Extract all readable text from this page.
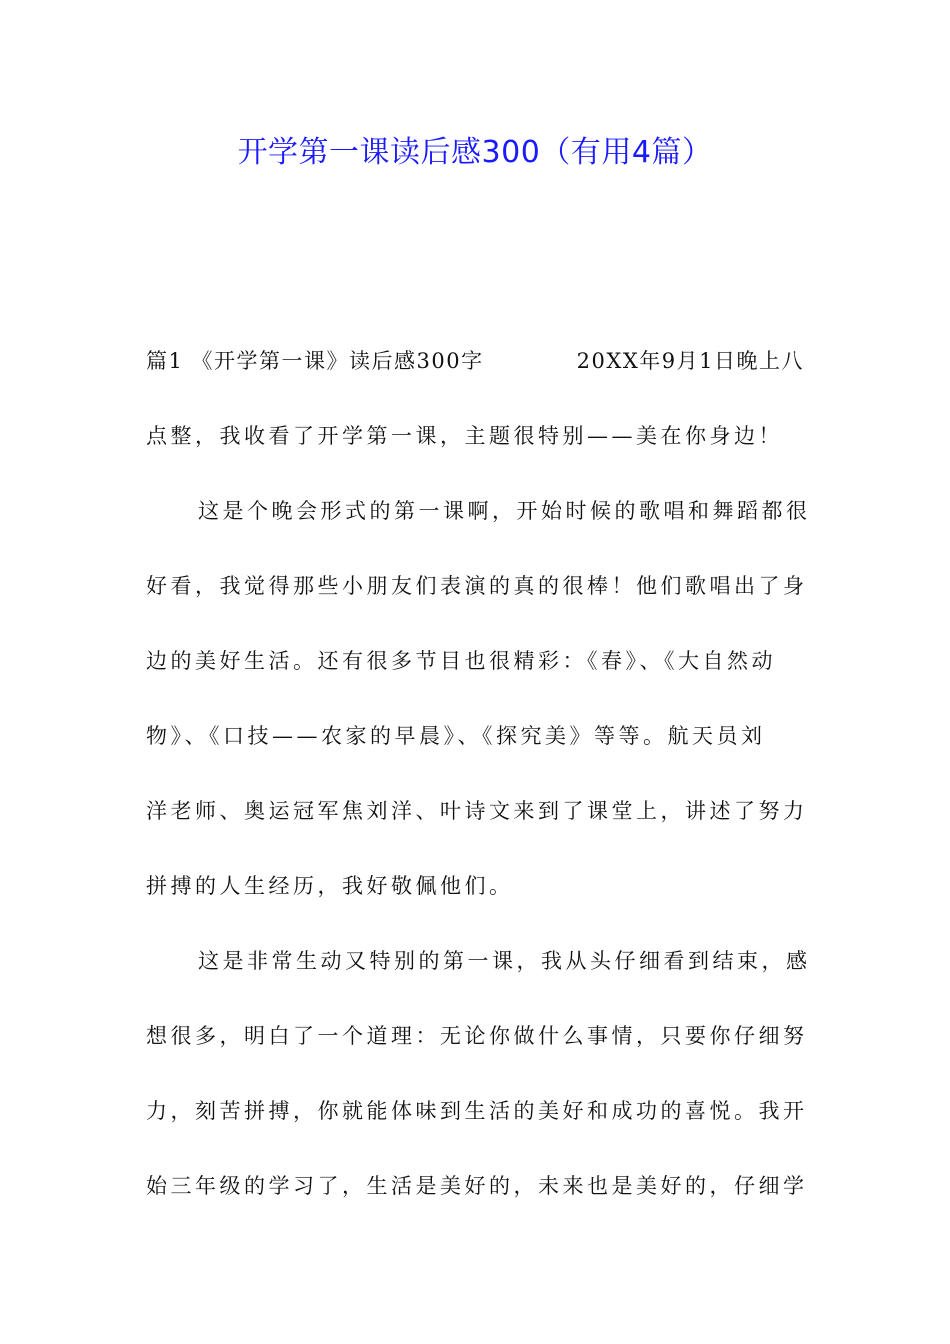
开学第一课读后感300（有用4篇）
篇1 《开学第一课》读后感300字	20XX年9月1日晚上八
点整，我收看了开学第一课，主题很特别——美在你身边！
这是个晚会形式的第一课啊，开始时候的歌唱和舞蹈都很
好看，我觉得那些小朋友们表演的真的很棒！他们歌唱出了身
边的美好生活。还有很多节目也很精彩：《春》、《大自然动
物》、《口技——农家的早晨》、《探究美》等等。航天员刘
洋老师、奥运冠军焦刘洋、叶诗文来到了课堂上，讲述了努力
拼搏的人生经历，我好敬佩他们。
这是非常生动又特别的第一课，我从头仔细看到结束，感
想很多，明白了一个道理：无论你做什么事情，只要你仔细努
力，刻苦拼搏，你就能体味到生活的美好和成功的喜悦。我开
始三年级的学习了，生活是美好的，未来也是美好的，仔细学
